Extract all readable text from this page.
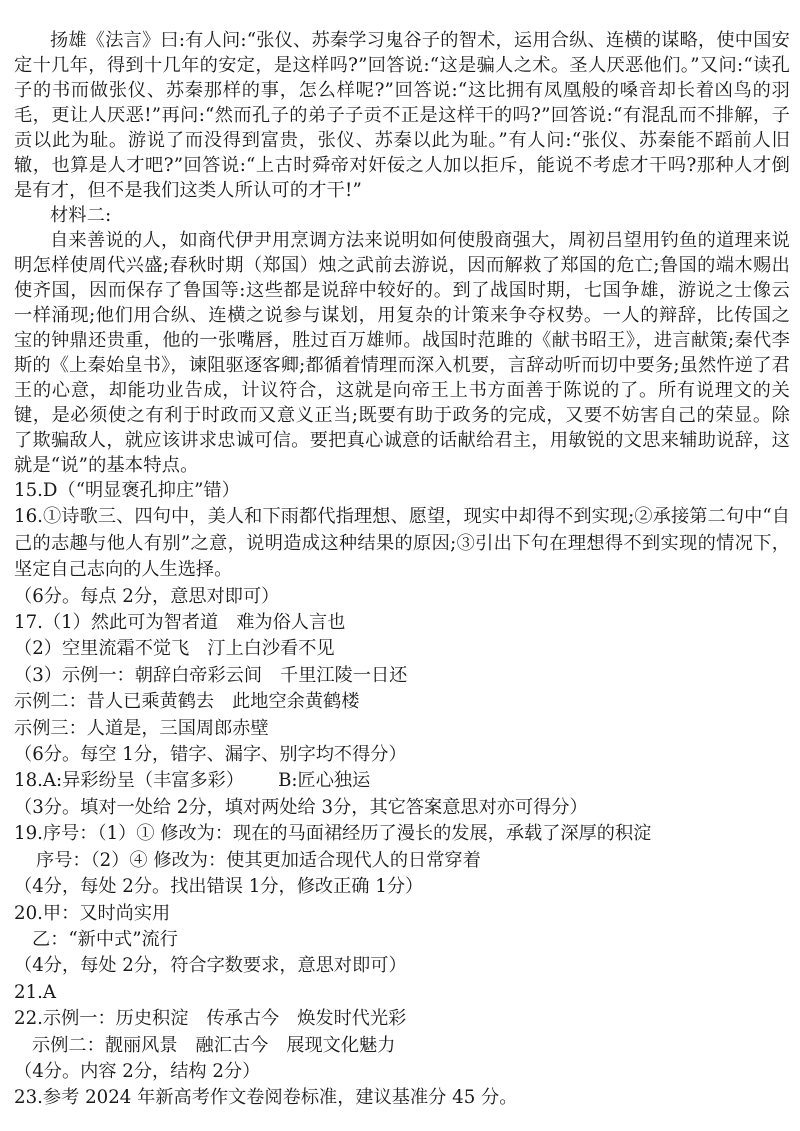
扬雄《法言》曰:有人问:“张仪、苏秦学习鬼谷子的智术，运用合纵、连横的谋略，使中国安定十几年，得到十几年的安定，是这样吗?”回答说:“这是骗人之术。圣人厌恶他们。”又问:“读孔子的书而做张仪、苏秦那样的事，怎么样呢?”回答说:“这比拥有凤凰般的嗓音却长着凶鸟的羽毛，更让人厌恶!”再问:“然而孔子的弟子子贡不正是这样干的吗?”回答说:“有混乱而不排解，子贡以此为耻。游说了而没得到富贵，张仪、苏秦以此为耻。”有人问:“张仪、苏秦能不蹈前人旧辙，也算是人才吧?”回答说:“上古时舜帝对奸佞之人加以拒斥，能说不考虑才干吗?那种人才倒是有才，但不是我们这类人所认可的才干!”

材料二:

自来善说的人，如商代伊尹用烹调方法来说明如何使殷商强大，周初吕望用钓鱼的道理来说明怎样使周代兴盛;春秋时期（郑国）烛之武前去游说，因而解救了郑国的危亡;鲁国的端木赐出使齐国，因而保存了鲁国等:这些都是说辞中较好的。到了战国时期，七国争雄，游说之士像云一样涌现;他们用合纵、连横之说参与谋划，用复杂的计策来争夺权势。一人的辩辞，比传国之宝的钟鼎还贵重，他的一张嘴唇，胜过百万雄师。战国时范雎的《献书昭王》，进言献策;秦代李斯的《上秦始皇书》，谏阻驱逐客卿;都循着情理而深入机要，言辞动听而切中要务;虽然忤逆了君王的心意，却能功业告成，计议符合，这就是向帝王上书方面善于陈说的了。所有说理文的关键，是必须使之有利于时政而又意义正当;既要有助于政务的完成，又要不妨害自己的荣显。除了欺骗敌人，就应该讲求忠诚可信。要把真心诚意的话献给君主，用敏锐的文思来辅助说辞，这就是“说”的基本特点。

15.D（“明显褒孔抑庄”错）

16.①诗歌三、四句中，美人和下雨都代指理想、愿望，现实中却得不到实现;②承接第二句中“自己的志趣与他人有别”之意，说明造成这种结果的原因;③引出下句在理想得不到实现的情况下，坚定自己志向的人生选择。

（6分。每点 2分，意思对即可）

17.（1）然此可为智者道 难为俗人言也

（2）空里流霜不觉飞 汀上白沙看不见

（3）示例一：朝辞白帝彩云间 千里江陵一日还

示例二：昔人已乘黄鹤去 此地空余黄鹤楼

示例三：人道是，三国周郎赤壁

（6分。每空 1分，错字、漏字、别字均不得分）

18.A:异彩纷呈（丰富多彩） B:匠心独运

（3分。填对一处给 2分，填对两处给 3分，其它答案意思对亦可得分）

19.序号：（1）① 修改为：现在的马面裙经历了漫长的发展，承载了深厚的积淀

序号：（2）④ 修改为：使其更加适合现代人的日常穿着

（4分，每处 2分。找出错误 1分，修改正确 1分）

20.甲：又时尚实用

乙：“新中式”流行

（4分，每处 2分，符合字数要求，意思对即可）

21.A

22.示例一：历史积淀 传承古今 焕发时代光彩

示例二：靓丽风景 融汇古今 展现文化魅力

（4分。内容 2分，结构 2分）

23.参考 2024 年新高考作文卷阅卷标准，建议基准分 45 分。
